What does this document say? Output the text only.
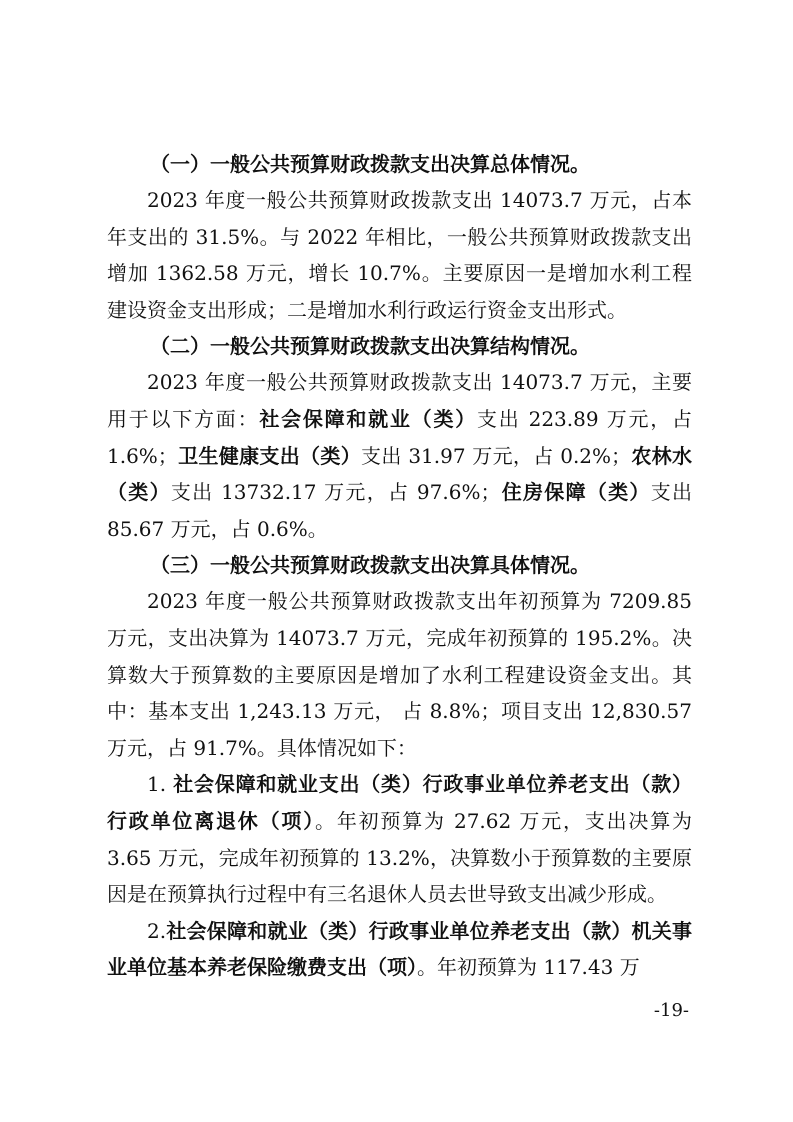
（一）一般公共预算财政拨款支出决算总体情况。

2023 年度一般公共预算财政拨款支出 14073.7 万元，占本年支出的 31.5%。与 2022 年相比，一般公共预算财政拨款支出增加 1362.58 万元，增长 10.7%。主要原因一是增加水利工程建设资金支出形成；二是增加水利行政运行资金支出形式。

（二）一般公共预算财政拨款支出决算结构情况。

2023 年度一般公共预算财政拨款支出 14073.7 万元，主要用于以下方面：社会保障和就业（类）支出 223.89 万元，占 1.6%；卫生健康支出（类）支出 31.97 万元，占 0.2%；农林水（类）支出 13732.17 万元，占 97.6%；住房保障（类）支出 85.67 万元，占 0.6%。

（三）一般公共预算财政拨款支出决算具体情况。

2023 年度一般公共预算财政拨款支出年初预算为 7209.85 万元，支出决算为 14073.7 万元，完成年初预算的 195.2%。决算数大于预算数的主要原因是增加了水利工程建设资金支出。其中：基本支出 1,243.13 万元， 占 8.8%；项目支出 12,830.57 万元，占 91.7%。具体情况如下：

1. 社会保障和就业支出（类）行政事业单位养老支出（款）行政单位离退休（项）。年初预算为 27.62 万元，支出决算为 3.65 万元，完成年初预算的 13.2%，决算数小于预算数的主要原因是在预算执行过程中有三名退休人员去世导致支出减少形成。

2.社会保障和就业（类）行政事业单位养老支出（款）机关事业单位基本养老保险缴费支出（项）。年初预算为 117.43 万

-19-
